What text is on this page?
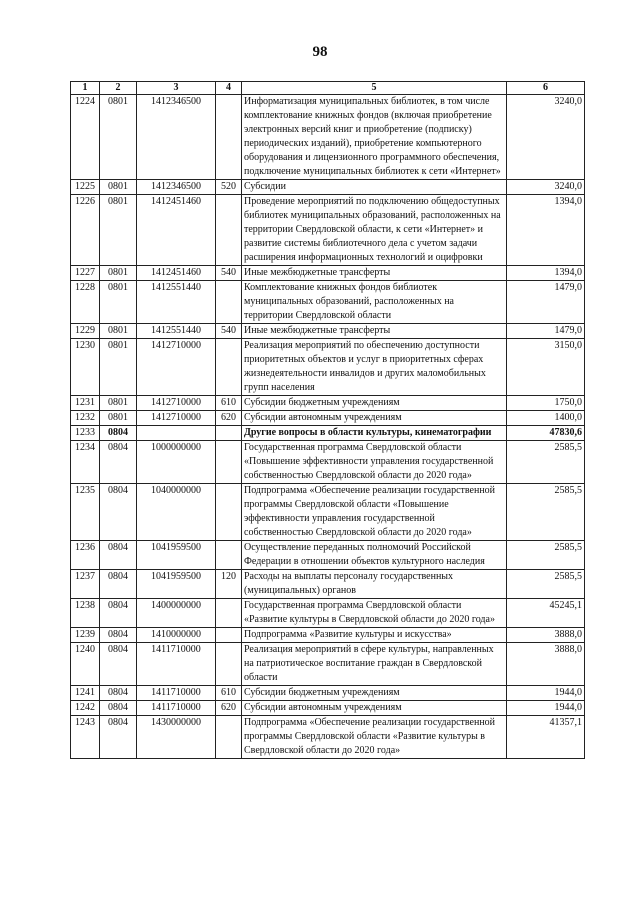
98
1	2	3	4	5	6
1224	0801	1412346500		Информатизация муниципальных библиотек, в том числе комплектование книжных фондов (включая приобретение электронных версий книг и приобретение (подписку) периодических изданий), приобретение компьютерного оборудования и лицензионного программного обеспечения, подключение муниципальных библиотек к сети «Интернет»	3240,0
1225	0801	1412346500	520	Субсидии	3240,0
1226	0801	1412451460		Проведение мероприятий по подключению общедоступных библиотек муниципальных образований, расположенных на территории Свердловской области, к сети «Интернет» и развитие системы библиотечного дела с учетом задачи расширения информационных технологий и оцифровки	1394,0
1227	0801	1412451460	540	Иные межбюджетные трансферты	1394,0
1228	0801	1412551440		Комплектование книжных фондов библиотек муниципальных образований, расположенных на территории Свердловской области	1479,0
1229	0801	1412551440	540	Иные межбюджетные трансферты	1479,0
1230	0801	1412710000		Реализация мероприятий по обеспечению доступности приоритетных объектов и услуг в приоритетных сферах жизнедеятельности инвалидов и других маломобильных групп населения	3150,0
1231	0801	1412710000	610	Субсидии бюджетным учреждениям	1750,0
1232	0801	1412710000	620	Субсидии автономным учреждениям	1400,0
1233	0804			Другие вопросы в области культуры, кинематографии	47830,6
1234	0804	1000000000		Государственная программа Свердловской области «Повышение эффективности управления государственной собственностью Свердловской области до 2020 года»	2585,5
1235	0804	1040000000		Подпрограмма «Обеспечение реализации государственной программы Свердловской области «Повышение эффективности управления государственной собственностью Свердловской области до 2020 года»	2585,5
1236	0804	1041959500		Осуществление переданных полномочий Российской Федерации в отношении объектов культурного наследия	2585,5
1237	0804	1041959500	120	Расходы на выплаты персоналу государственных (муниципальных) органов	2585,5
1238	0804	1400000000		Государственная программа Свердловской области «Развитие культуры в Свердловской области до 2020 года»	45245,1
1239	0804	1410000000		Подпрограмма «Развитие культуры и искусства»	3888,0
1240	0804	1411710000		Реализация мероприятий в сфере культуры, направленных на патриотическое воспитание граждан в Свердловской области	3888,0
1241	0804	1411710000	610	Субсидии бюджетным учреждениям	1944,0
1242	0804	1411710000	620	Субсидии автономным учреждениям	1944,0
1243	0804	1430000000		Подпрограмма «Обеспечение реализации государственной программы Свердловской области «Развитие культуры в Свердловской области до 2020 года»	41357,1
